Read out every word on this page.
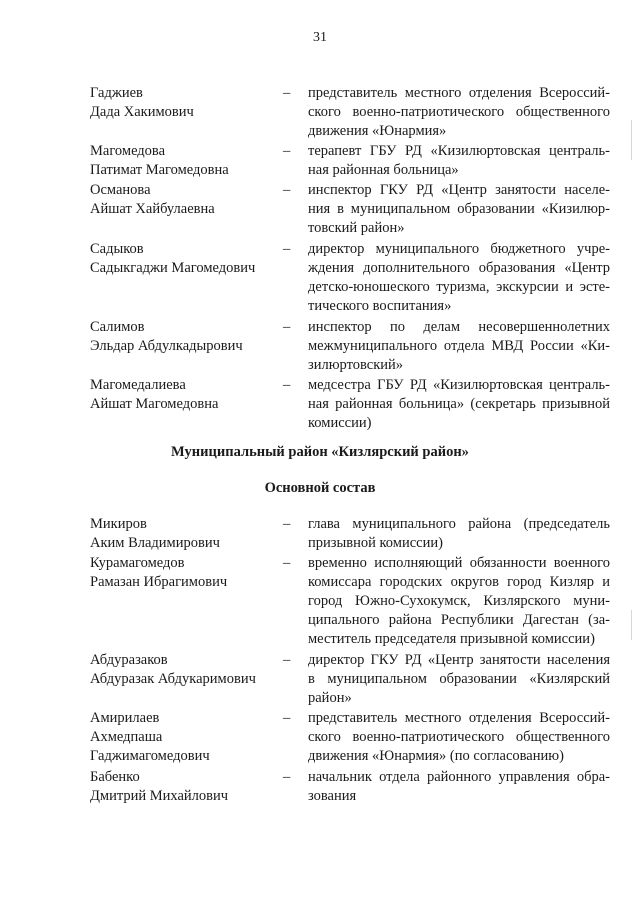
31
Гаджиев
Дада Хакимович
– представитель местного отделения Всероссий-
ского военно-патриотического общественного
движения «Юнармия»
Магомедова
Патимат Магомедовна
– терапевт ГБУ РД «Кизилюртовская централь-
ная районная больница»
Османова
Айшат Хайбулаевна
– инспектор ГКУ РД «Центр занятости населе-
ния в муниципальном образовании «Кизилюр-
товский район»
Садыков
Садыкгаджи Магомедович
– директор муниципального бюджетного учре-
ждения дополнительного образования «Центр
детско-юношеского туризма, экскурсии и эсте-
тического воспитания»
Салимов
Эльдар Абдулкадырович
– инспектор по делам несовершеннолетних
межмуниципального отдела МВД России «Ки-
зилюртовский»
Магомедалиева
Айшат Магомедовна
– медсестра ГБУ РД «Кизилюртовская централь-
ная районная больница» (секретарь призывной
комиссии)
Муниципальный район «Кизлярский район»
Основной состав
Микиров
Аким Владимирович
– глава муниципального района (председатель
призывной комиссии)
Курамагомедов
Рамазан Ибрагимович
– временно исполняющий обязанности военного
комиссара городских округов город Кизляр и
город Южно-Сухокумск, Кизлярского муни-
ципального района Республики Дагестан (за-
меститель председателя призывной комиссии)
Абдуразаков
Абдуразак Абдукаримович
– директор ГКУ РД «Центр занятости населения
в муниципальном образовании «Кизлярский
район»
Амирилаев
Ахмедпаша
Гаджимагомедович
– представитель местного отделения Всероссий-
ского военно-патриотического общественного
движения «Юнармия» (по согласованию)
Бабенко
Дмитрий Михайлович
– начальник отдела районного управления обра-
зования
